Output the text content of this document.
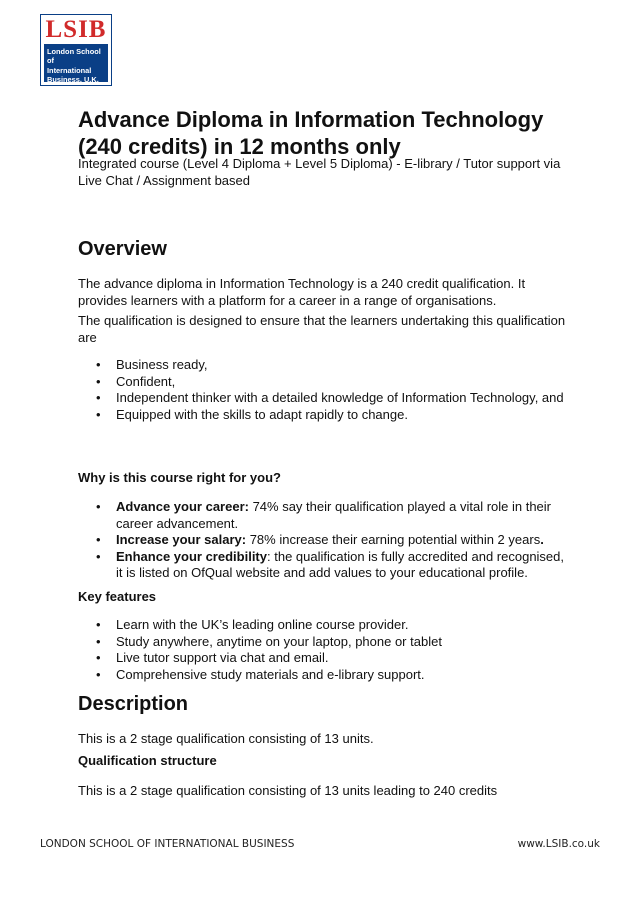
LSIB
London School of
International
Business, U.K.
Advance Diploma in Information Technology (240 credits) in 12 months only

Integrated course (Level 4 Diploma + Level 5 Diploma) - E-library / Tutor support via Live Chat / Assignment based

Overview

The advance diploma in Information Technology is a 240 credit qualification. It provides learners with a platform for a career in a range of organisations.

The qualification is designed to ensure that the learners undertaking this qualification are

• Business ready,
• Confident,
• Independent thinker with a detailed knowledge of Information Technology, and
• Equipped with the skills to adapt rapidly to change.

Why is this course right for you?

• Advance your career: 74% say their qualification played a vital role in their career advancement.
• Increase your salary: 78% increase their earning potential within 2 years.
• Enhance your credibility: the qualification is fully accredited and recognised, it is listed on OfQual website and add values to your educational profile.

Key features

• Learn with the UK’s leading online course provider.
• Study anywhere, anytime on your laptop, phone or tablet
• Live tutor support via chat and email.
• Comprehensive study materials and e-library support.
Description

This is a 2 stage qualification consisting of 13 units.

Qualification structure

This is a 2 stage qualification consisting of 13 units leading to 240 credits

LONDON SCHOOL OF INTERNATIONAL BUSINESS	www.LSIB.co.uk
